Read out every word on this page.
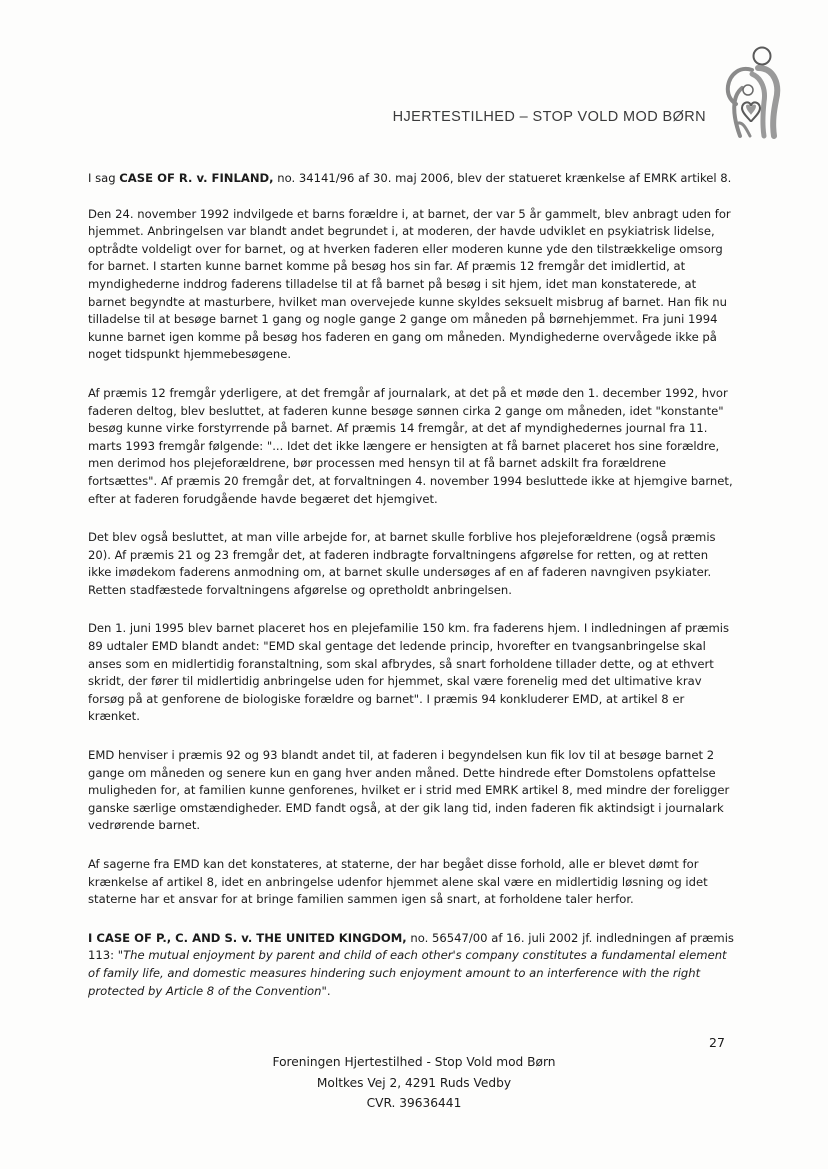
HJERTESTILHED – STOP VOLD MOD BØRN

I sag CASE OF R. v. FINLAND, no. 34141/96 af 30. maj 2006, blev der statueret krænkelse af EMRK artikel 8.

Den 24. november 1992 indvilgede et barns forældre i, at barnet, der var 5 år gammelt, blev anbragt uden for hjemmet. Anbringelsen var blandt andet begrundet i, at moderen, der havde udviklet en psykiatrisk lidelse, optrådte voldeligt over for barnet, og at hverken faderen eller moderen kunne yde den tilstrækkelige omsorg for barnet. I starten kunne barnet komme på besøg hos sin far. Af præmis 12 fremgår det imidlertid, at myndighederne inddrog faderens tilladelse til at få barnet på besøg i sit hjem, idet man konstaterede, at barnet begyndte at masturbere, hvilket man overvejede kunne skyldes seksuelt misbrug af barnet. Han fik nu tilladelse til at besøge barnet 1 gang og nogle gange 2 gange om måneden på børnehjemmet. Fra juni 1994 kunne barnet igen komme på besøg hos faderen en gang om måneden. Myndighederne overvågede ikke på noget tidspunkt hjemmebesøgene.

Af præmis 12 fremgår yderligere, at det fremgår af journalark, at det på et møde den 1. december 1992, hvor faderen deltog, blev besluttet, at faderen kunne besøge sønnen cirka 2 gange om måneden, idet "konstante" besøg kunne virke forstyrrende på barnet. Af præmis 14 fremgår, at det af myndighedernes journal fra 11. marts 1993 fremgår følgende: "... Idet det ikke længere er hensigten at få barnet placeret hos sine forældre, men derimod hos plejeforældrene, bør processen med hensyn til at få barnet adskilt fra forældrene fortsættes". Af præmis 20 fremgår det, at forvaltningen 4. november 1994 besluttede ikke at hjemgive barnet, efter at faderen forudgående havde begæret det hjemgivet.

Det blev også besluttet, at man ville arbejde for, at barnet skulle forblive hos plejeforældrene (også præmis 20). Af præmis 21 og 23 fremgår det, at faderen indbragte forvaltningens afgørelse for retten, og at retten ikke imødekom faderens anmodning om, at barnet skulle undersøges af en af faderen navngiven psykiater. Retten stadfæstede forvaltningens afgørelse og opretholdt anbringelsen.

Den 1. juni 1995 blev barnet placeret hos en plejefamilie 150 km. fra faderens hjem. I indledningen af præmis 89 udtaler EMD blandt andet: "EMD skal gentage det ledende princip, hvorefter en tvangsanbringelse skal anses som en midlertidig foranstaltning, som skal afbrydes, så snart forholdene tillader dette, og at ethvert skridt, der fører til midlertidig anbringelse uden for hjemmet, skal være forenelig med det ultimative krav forsøg på at genforene de biologiske forældre og barnet". I præmis 94 konkluderer EMD, at artikel 8 er krænket.

EMD henviser i præmis 92 og 93 blandt andet til, at faderen i begyndelsen kun fik lov til at besøge barnet 2 gange om måneden og senere kun en gang hver anden måned. Dette hindrede efter Domstolens opfattelse muligheden for, at familien kunne genforenes, hvilket er i strid med EMRK artikel 8, med mindre der foreligger ganske særlige omstændigheder. EMD fandt også, at der gik lang tid, inden faderen fik aktindsigt i journalark vedrørende barnet.

Af sagerne fra EMD kan det konstateres, at staterne, der har begået disse forhold, alle er blevet dømt for krænkelse af artikel 8, idet en anbringelse udenfor hjemmet alene skal være en midlertidig løsning og idet staterne har et ansvar for at bringe familien sammen igen så snart, at forholdene taler herfor.

I CASE OF P., C. AND S. v. THE UNITED KINGDOM, no. 56547/00 af 16. juli 2002 jf. indledningen af præmis 113: "The mutual enjoyment by parent and child of each other's company constitutes a fundamental element of family life, and domestic measures hindering such enjoyment amount to an interference with the right protected by Article 8 of the Convention".

27
Foreningen Hjertestilhed - Stop Vold mod Børn
Moltkes Vej 2, 4291 Ruds Vedby
CVR. 39636441
